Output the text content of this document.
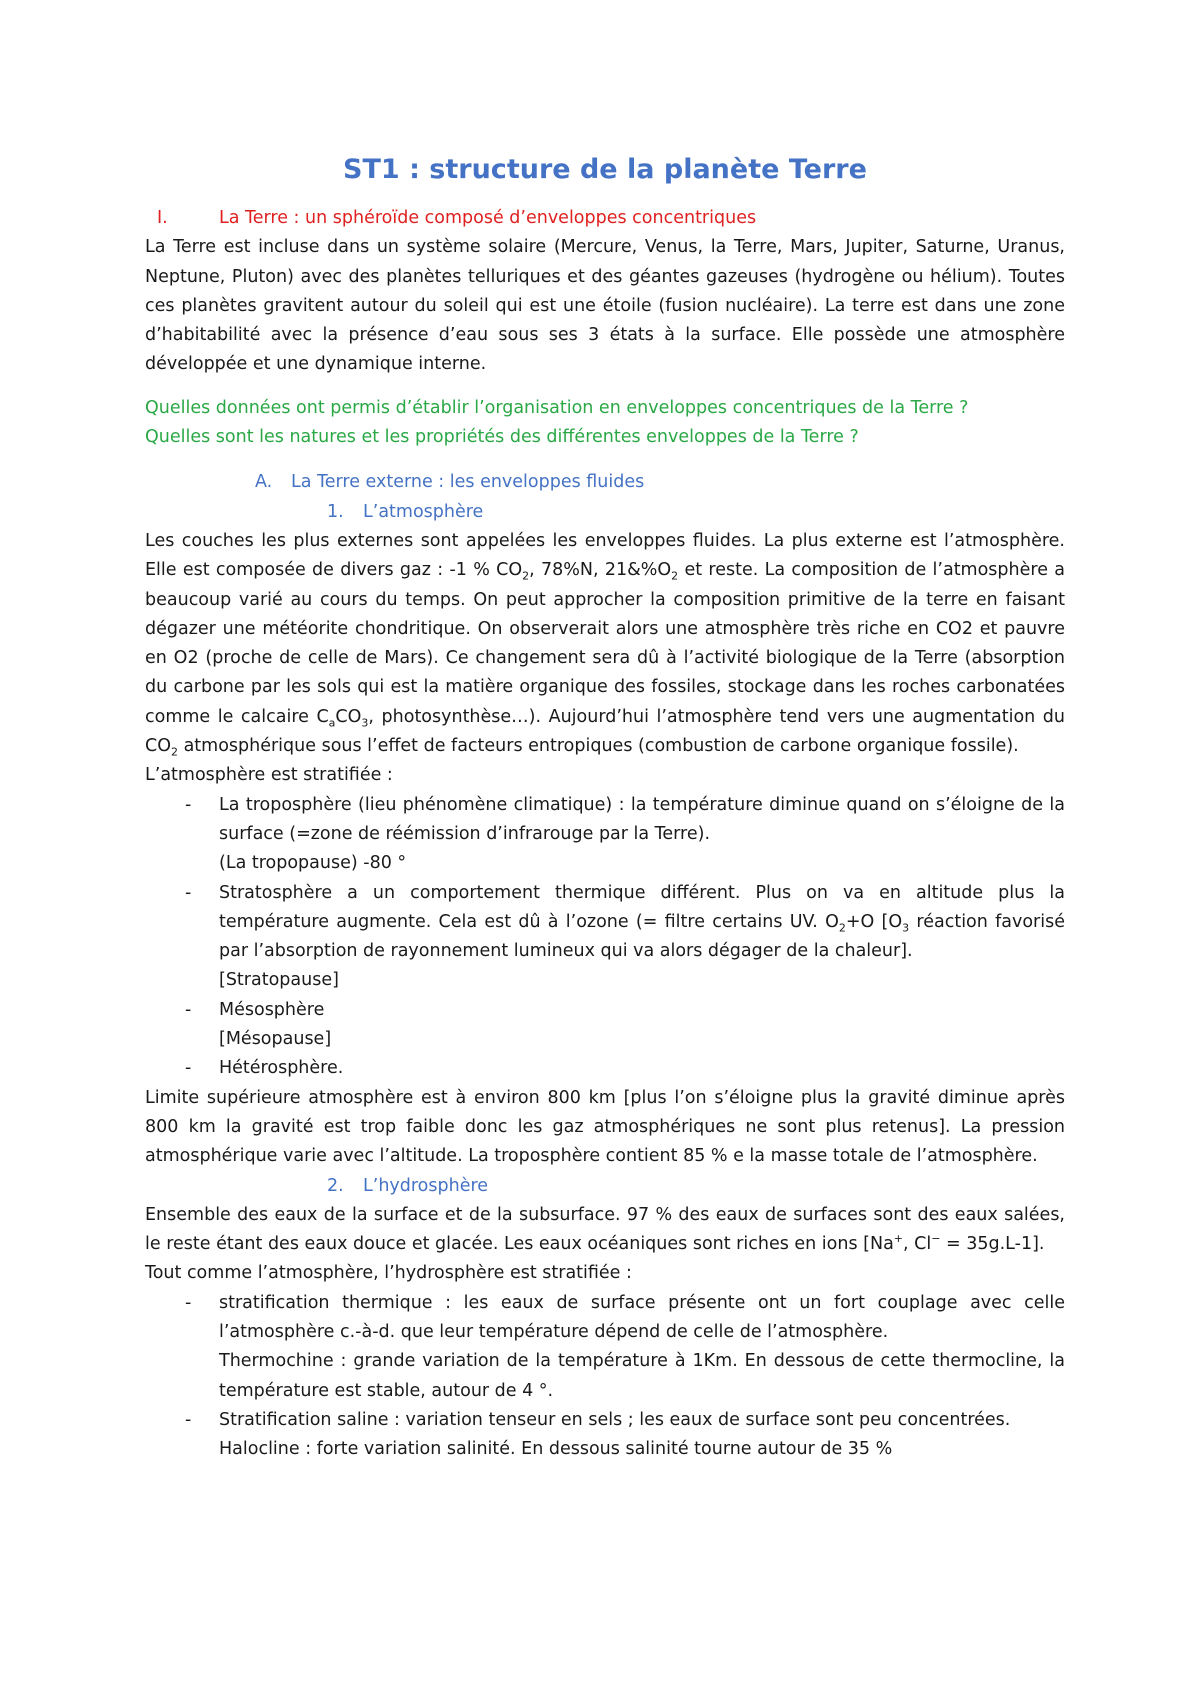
ST1 : structure de la planète Terre
I.	La Terre : un sphéroïde composé d’enveloppes concentriques

La Terre est incluse dans un système solaire (Mercure, Venus, la Terre, Mars, Jupiter, Saturne, Uranus, Neptune, Pluton) avec des planètes telluriques et des géantes gazeuses (hydrogène ou hélium). Toutes ces planètes gravitent autour du soleil qui est une étoile (fusion nucléaire). La terre est dans une zone d’habitabilité avec la présence d’eau sous ses 3 états à la surface. Elle possède une atmosphère développée et une dynamique interne.

Quelles données ont permis d’établir l’organisation en enveloppes concentriques de la Terre ?
Quelles sont les natures et les propriétés des différentes enveloppes de la Terre ?
A. La Terre externe : les enveloppes fluides
1. L’atmosphère

Les couches les plus externes sont appelées les enveloppes fluides. La plus externe est l’atmosphère. Elle est composée de divers gaz : -1 % $CO_2$, 78%N, $21\&\%O_2$ et reste. La composition de l’atmosphère a beaucoup varié au cours du temps. On peut approcher la composition primitive de la terre en faisant dégazer une météorite chondritique. On observerait alors une atmosphère très riche en CO2 et pauvre en O2 (proche de celle de Mars). Ce changement sera dû à l’activité biologique de la Terre (absorption du carbone par les sols qui est la matière organique des fossiles, stockage dans les roches carbonatées comme le calcaire $C_aCO_3$, photosynthèse…). Aujourd’hui l’atmosphère tend vers une augmentation du $CO_2$ atmosphérique sous l’effet de facteurs entropiques (combustion de carbone organique fossile).

L’atmosphère est stratifiée :

- La troposphère (lieu phénomène climatique) : la température diminue quand on s’éloigne de la surface (=zone de réémission d’infrarouge par la Terre).
(La tropopause) -80 °
- Stratosphère a un comportement thermique différent. Plus on va en altitude plus la température augmente. Cela est dû à l’ozone (= filtre certains UV. $O_2+O$ [$O_3$ réaction favorisé par l’absorption de rayonnement lumineux qui va alors dégager de la chaleur].
[Stratopause]
- Mésosphère
[Mésopause]
- Hétérosphère.

Limite supérieure atmosphère est à environ 800 km [plus l’on s’éloigne plus la gravité diminue après 800 km la gravité est trop faible donc les gaz atmosphériques ne sont plus retenus]. La pression atmosphérique varie avec l’altitude. La troposphère contient 85 % e la masse totale de l’atmosphère.

2. L’hydrosphère

Ensemble des eaux de la surface et de la subsurface. 97 % des eaux de surfaces sont des eaux salées, le reste étant des eaux douce et glacée. Les eaux océaniques sont riches en ions [Na+, Cl− = 35g.L-1].

Tout comme l’atmosphère, l’hydrosphère est stratifiée :

- stratification thermique : les eaux de surface présente ont un fort couplage avec celle l’atmosphère c.-à-d. que leur température dépend de celle de l’atmosphère.
Thermochine : grande variation de la température à 1Km. En dessous de cette thermocline, la température est stable, autour de 4 °.
- Stratification saline : variation tenseur en sels ; les eaux de surface sont peu concentrées.
Halocline : forte variation salinité. En dessous salinité tourne autour de 35 %
